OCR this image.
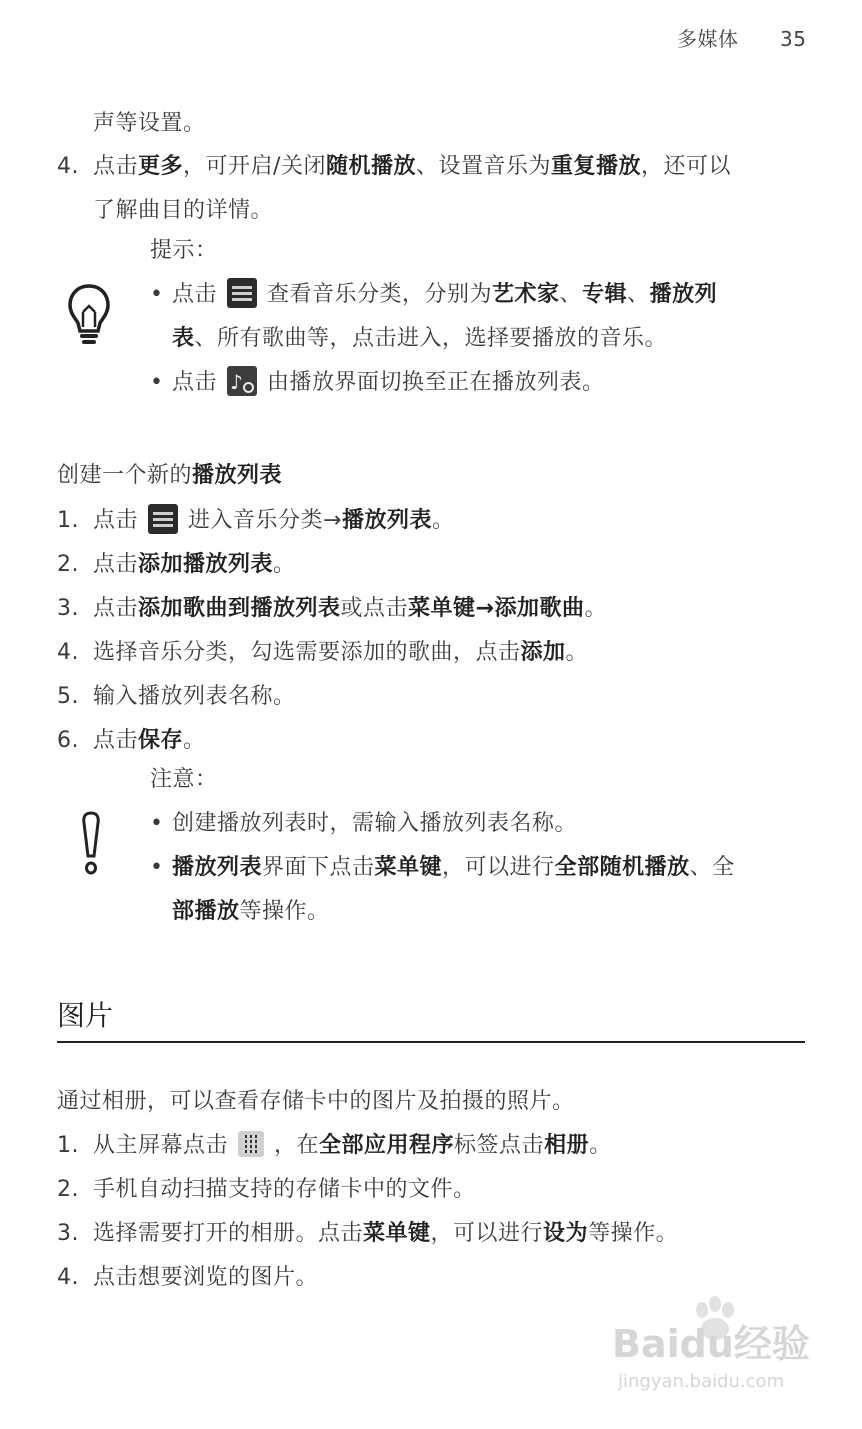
多媒体 35
声等设置。
4. 点击更多，可开启/关闭随机播放、设置音乐为重复播放，还可以
了解曲目的详情。
提示：
• 点击 查看音乐分类，分别为艺术家、专辑、播放列
表、所有歌曲等，点击进入，选择要播放的音乐。
• 点击 ♪ 由播放界面切换至正在播放列表。
创建一个新的播放列表
1. 点击 进入音乐分类→播放列表。
2. 点击添加播放列表。
3. 点击添加歌曲到播放列表或点击菜单键→添加歌曲。
4. 选择音乐分类，勾选需要添加的歌曲，点击添加。
5. 输入播放列表名称。
6. 点击保存。
注意：
• 创建播放列表时，需输入播放列表名称。
• 播放列表界面下点击菜单键，可以进行全部随机播放、全
部播放等操作。
图片
通过相册，可以查看存储卡中的图片及拍摄的照片。
1. 从主屏幕点击 ，在全部应用程序标签点击相册。
2. 手机自动扫描支持的存储卡中的文件。
3. 选择需要打开的相册。点击菜单键，可以进行设为等操作。
4. 点击想要浏览的图片。
Baidu经验
jingyan.baidu.com
